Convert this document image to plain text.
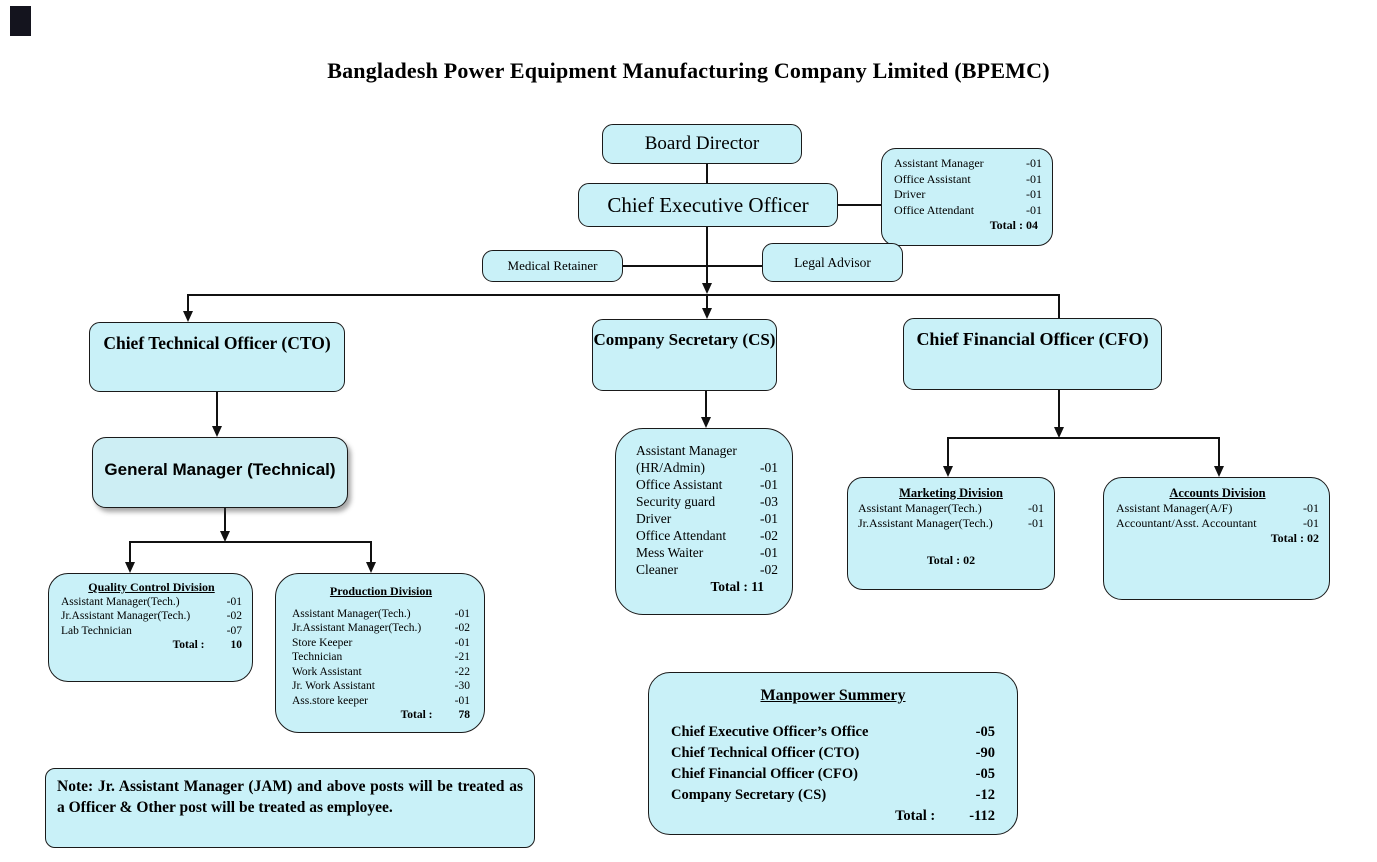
Bangladesh Power Equipment Manufacturing Company Limited (BPEMC)
Board Director
Chief Executive Officer
Assistant Manager	-01
Office Assistant	-01
Driver	-01
Office Attendant	-01
Total : 04
Medical Retainer	Legal Advisor
Chief Technical Officer (CTO)	Company Secretary (CS)	Chief Financial Officer (CFO)
General Manager (Technical)
Quality Control Division
Assistant Manager(Tech.)	-01
Jr.Assistant Manager(Tech.)	-02
Lab Technician	-07
Total : 10
Production Division
Assistant Manager(Tech.)	-01
Jr.Assistant Manager(Tech.)	-02
Store Keeper	-01
Technician	-21
Work Assistant	-22
Jr. Work Assistant	-30
Ass.store keeper	-01
Total : 78
Assistant Manager
(HR/Admin)	-01
Office Assistant	-01
Security guard	-03
Driver	-01
Office Attendant	-02
Mess Waiter	-01
Cleaner	-02
Total : 11
Marketing Division
Assistant Manager(Tech.)	-01
Jr.Assistant Manager(Tech.)	-01
Total : 02
Accounts Division
Assistant Manager(A/F)	-01
Accountant/Asst. Accountant	-01
Total : 02
Manpower Summery
Chief Executive Officer’s Office	-05
Chief Technical Officer (CTO)	-90
Chief Financial Officer (CFO)	-05
Company Secretary (CS)	-12
Total : -112
Note: Jr. Assistant Manager (JAM) and above posts will be treated as a Officer & Other post will be treated as employee.
